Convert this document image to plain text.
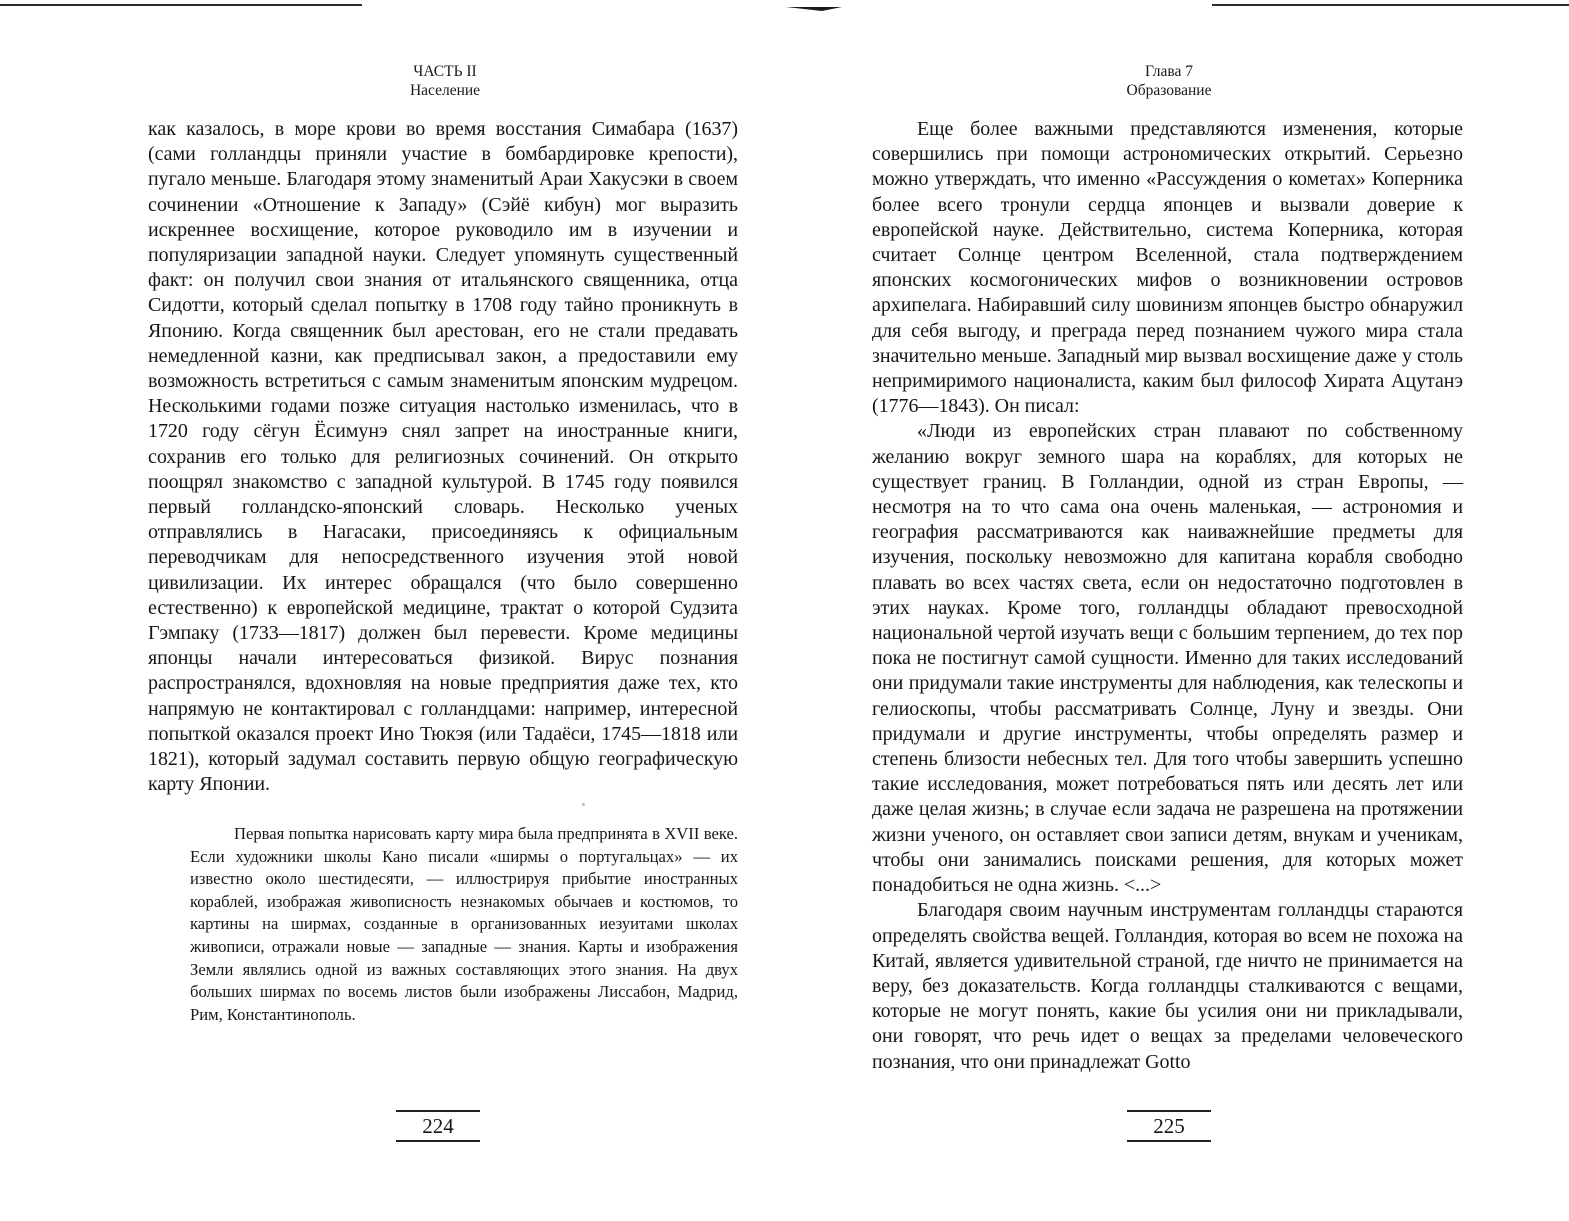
ЧАСТЬ II
Население

как казалось, в море крови во время восстания Симабара (1637) (сами голландцы приняли участие в бомбардировке крепости), пугало меньше. Благодаря этому знаменитый Араи Хакусэки в своем сочинении «Отношение к Западу» (Сэйё кибун) мог выразить искреннее восхищение, которое руководило им в изучении и популяризации западной науки. Следует упомянуть существенный факт: он получил свои знания от итальянского священника, отца Сидотти, который сделал попытку в 1708 году тайно проникнуть в Японию. Когда священник был арестован, его не стали предавать немедленной казни, как предписывал закон, а предоставили ему возможность встретиться с самым знаменитым японским мудрецом. Несколькими годами позже ситуация настолько изменилась, что в 1720 году сёгун Ёсимунэ снял запрет на иностранные книги, сохранив его только для религиозных сочинений. Он открыто поощрял знакомство с западной культурой. В 1745 году появился первый голландско-японский словарь. Несколько ученых отправлялись в Нагасаки, присоединяясь к официальным переводчикам для непосредственного изучения этой новой цивилизации. Их интерес обращался (что было совершенно естественно) к европейской медицине, трактат о которой Судзита Гэмпаку (1733—1817) должен был перевести. Кроме медицины японцы начали интересоваться физикой. Вирус познания распространялся, вдохновляя на новые предприятия даже тех, кто напрямую не контактировал с голландцами: например, интересной попыткой оказался проект Ино Тюкэя (или Тадаёси, 1745—1818 или 1821), который задумал составить первую общую географическую карту Японии.

Первая попытка нарисовать карту мира была предпринята в XVII веке. Если художники школы Кано писали «ширмы о португальцах» — их известно около шестидесяти, — иллюстрируя прибытие иностранных кораблей, изображая живописность незнакомых обычаев и костюмов, то картины на ширмах, созданные в организованных иезуитами школах живописи, отражали новые — западные — знания. Карты и изображения Земли являлись одной из важных составляющих этого знания. На двух больших ширмах по восемь листов были изображены Лиссабон, Мадрид, Рим, Константинополь.

224
Глава 7
Образование

Еще более важными представляются изменения, которые совершились при помощи астрономических открытий. Серьезно можно утверждать, что именно «Рассуждения о кометах» Коперника более всего тронули сердца японцев и вызвали доверие к европейской науке. Действительно, система Коперника, которая считает Солнце центром Вселенной, стала подтверждением японских космогонических мифов о возникновении островов архипелага. Набиравший силу шовинизм японцев быстро обнаружил для себя выгоду, и преграда перед познанием чужого мира стала значительно меньше. Западный мир вызвал восхищение даже у столь непримиримого националиста, каким был философ Хирата Ацутанэ (1776—1843). Он писал:

«Люди из европейских стран плавают по собственному желанию вокруг земного шара на кораблях, для которых не существует границ. В Голландии, одной из стран Европы, — несмотря на то что сама она очень маленькая, — астрономия и география рассматриваются как наиважнейшие предметы для изучения, поскольку невозможно для капитана корабля свободно плавать во всех частях света, если он недостаточно подготовлен в этих науках. Кроме того, голландцы обладают превосходной национальной чертой изучать вещи с большим терпением, до тех пор пока не постигнут самой сущности. Именно для таких исследований они придумали такие инструменты для наблюдения, как телескопы и гелиоскопы, чтобы рассматривать Солнце, Луну и звезды. Они придумали и другие инструменты, чтобы определять размер и степень близости небесных тел. Для того чтобы завершить успешно такие исследования, может потребоваться пять или десять лет или даже целая жизнь; в случае если задача не разрешена на протяжении жизни ученого, он оставляет свои записи детям, внукам и ученикам, чтобы они занимались поисками решения, для которых может понадобиться не одна жизнь. <...>

Благодаря своим научным инструментам голландцы стараются определять свойства вещей. Голландия, которая во всем не похожа на Китай, является удивительной страной, где ничто не принимается на веру, без доказательств. Когда голландцы сталкиваются с вещами, которые не могут понять, какие бы усилия они ни прикладывали, они говорят, что речь идет о вещах за пределами человеческого познания, что они принадлежат Gotto

225
